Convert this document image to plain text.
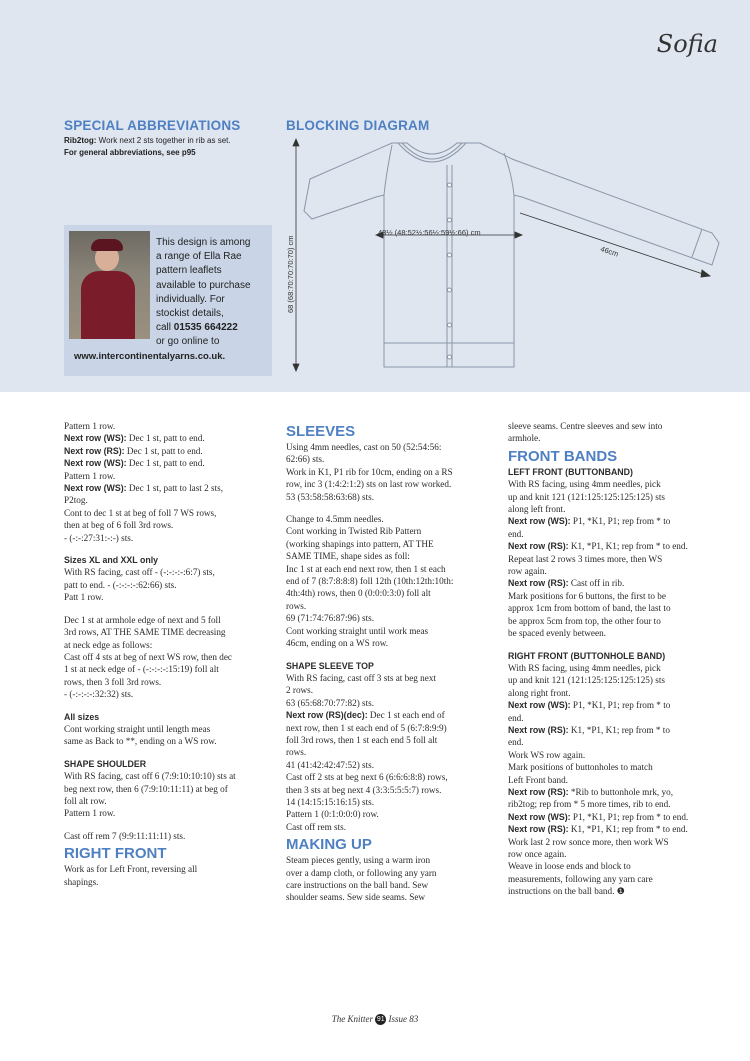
Sofia
SPECIAL ABBREVIATIONS
Rib2tog: Work next 2 sts together in rib as set.
For general abbreviations, see p95
This design is among
a range of Ella Rae
pattern leaflets
available to purchase
individually. For
stockist details,
call 01535 664222
or go online to
www.intercontinentalyarns.co.uk.
BLOCKING DIAGRAM
68 (68:70:70:70:70) cm
43½ (48:52½:56½:59½:66) cm
46cm

Pattern 1 row.

Next row (WS): Dec 1 st, patt to end.

Next row (RS): Dec 1 st, patt to end.

Next row (WS): Dec 1 st, patt to end.

Pattern 1 row.

Next row (WS): Dec 1 st, patt to last 2 sts,

P2tog.

Cont to dec 1 st at beg of foll 7 WS rows,

then at beg of 6 foll 3rd rows.

- (-:-:27:31:-:-) sts.

Sizes XL and XXL only

With RS facing, cast off - (-:-:-:-:6:7) sts,

patt to end. - (-:-:-:-:62:66) sts.

Patt 1 row.

Dec 1 st at armhole edge of next and 5 foll

3rd rows, AT THE SAME TIME decreasing

at neck edge as follows:

Cast off 4 sts at beg of next WS row, then dec

1 st at neck edge of - (-:-:-:-:15:19) foll alt

rows, then 3 foll 3rd rows.

- (-:-:-:-:32:32) sts.

All sizes

Cont working straight until length meas

same as Back to **, ending on a WS row.

SHAPE SHOULDER

With RS facing, cast off 6 (7:9:10:10:10) sts at

beg next row, then 6 (7:9:10:11:11) at beg of

foll alt row.

Pattern 1 row.

Cast off rem 7 (9:9:11:11:11) sts.

RIGHT FRONT

Work as for Left Front, reversing all

shapings.

SLEEVES

Using 4mm needles, cast on 50 (52:54:56:

62:66) sts.

Work in K1, P1 rib for 10cm, ending on a RS

row, inc 3 (1:4:2:1:2) sts on last row worked.

53 (53:58:58:63:68) sts.

Change to 4.5mm needles.

Cont working in Twisted Rib Pattern

(working shapings into pattern, AT THE

SAME TIME, shape sides as foll:

Inc 1 st at each end next row, then 1 st each

end of 7 (8:7:8:8:8) foll 12th (10th:12th:10th:

4th:4th) rows, then 0 (0:0:0:3:0) foll alt

rows.

69 (71:74:76:87:96) sts.

Cont working straight until work meas

46cm, ending on a WS row.

SHAPE SLEEVE TOP

With RS facing, cast off 3 sts at beg next

2 rows.

63 (65:68:70:77:82) sts.

Next row (RS)(dec): Dec 1 st each end of

next row, then 1 st each end of 5 (6:7:8:9:9)

foll 3rd rows, then 1 st each end 5 foll alt

rows.

41 (41:42:42:47:52) sts.

Cast off 2 sts at beg next 6 (6:6:6:8:8) rows,

then 3 sts at beg next 4 (3:3:5:5:5:7) rows.

14 (14:15:15:16:15) sts.

Pattern 1 (0:1:0:0:0) row.

Cast off rem sts.

MAKING UP

Steam pieces gently, using a warm iron

over a damp cloth, or following any yarn

care instructions on the ball band. Sew

shoulder seams. Sew side seams. Sew

sleeve seams. Centre sleeves and sew into

armhole.

FRONT BANDS

LEFT FRONT (BUTTONBAND)

With RS facing, using 4mm needles, pick

up and knit 121 (121:125:125:125:125) sts

along left front.

Next row (WS): P1, *K1, P1; rep from * to

end.

Next row (RS): K1, *P1, K1; rep from * to end.

Repeat last 2 rows 3 times more, then WS

row again.

Next row (RS): Cast off in rib.

Mark positions for 6 buttons, the first to be

approx 1cm from bottom of band, the last to

be approx 5cm from top, the other four to

be spaced evenly between.

RIGHT FRONT (BUTTONHOLE BAND)

With RS facing, using 4mm needles, pick

up and knit 121 (121:125:125:125:125) sts

along right front.

Next row (WS): P1, *K1, P1; rep from * to

end.

Next row (RS): K1, *P1, K1; rep from * to

end.

Work WS row again.

Mark positions of buttonholes to match

Left Front band.

Next row (RS): *Rib to buttonhole mrk, yo,

rib2tog; rep from * 5 more times, rib to end.

Next row (WS): P1, *K1, P1; rep from * to end.

Next row (RS): K1, *P1, K1; rep from * to end.

Work last 2 row sonce more, then work WS

row once again.

Weave in loose ends and block to

measurements, following any yarn care

instructions on the ball band. ❶

The Knitter 91 Issue 83
